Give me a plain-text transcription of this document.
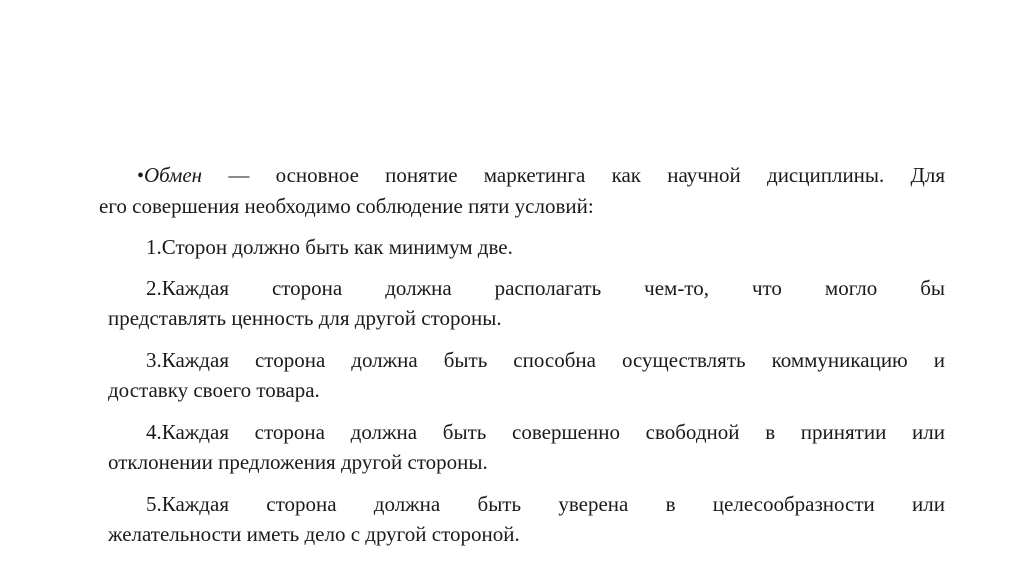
•Обмен — основное понятие маркетинга как научной дисциплины. Для
его совершения необходимо соблюдение пяти условий:
1.Сторон должно быть как минимум две.
2.Каждая сторона должна располагать чем-то, что могло бы
представлять ценность для другой стороны.
3.Каждая сторона должна быть способна осуществлять коммуникацию и
доставку своего товара.
4.Каждая сторона должна быть совершенно свободной в принятии или
отклонении предложения другой стороны.
5.Каждая сторона должна быть уверена в целесообразности или
желательности иметь дело с другой стороной.
